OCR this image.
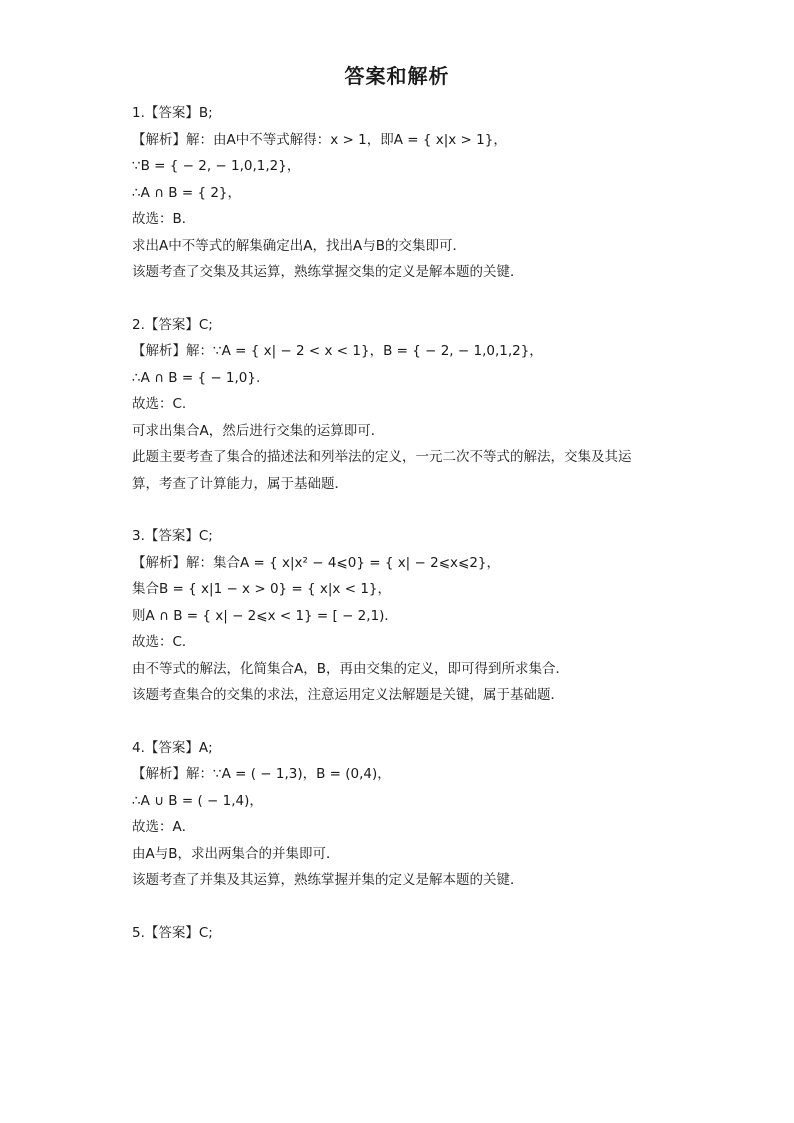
答案和解析
1.【答案】B;
【解析】解：由A中不等式解得：x > 1，即A = { x|x > 1}，
∵B = { − 2, − 1,0,1,2}，
∴A ∩ B = { 2}，
故选：B．
求出A中不等式的解集确定出A，找出A与B的交集即可．
该题考查了交集及其运算，熟练掌握交集的定义是解本题的关键．
2.【答案】C;
【解析】解：∵A = { x| − 2 < x < 1}，B = { − 2, − 1,0,1,2}，
∴A ∩ B = { − 1,0}.
故选：C.
可求出集合A，然后进行交集的运算即可．
此题主要考查了集合的描述法和列举法的定义，一元二次不等式的解法，交集及其运
算，考查了计算能力，属于基础题．
3.【答案】C;
【解析】解：集合A = { x|x² − 4⩽0} = { x| − 2⩽x⩽2}，
集合B = { x|1 − x > 0} = { x|x < 1}，
则A ∩ B = { x| − 2⩽x < 1} = [ − 2,1)．
故选：C．
由不等式的解法，化简集合A，B，再由交集的定义，即可得到所求集合．
该题考查集合的交集的求法，注意运用定义法解题是关键，属于基础题．
4.【答案】A;
【解析】解：∵A = ( − 1,3)，B = (0,4)，
∴A ∪ B = ( − 1,4)，
故选：A．
由A与B，求出两集合的并集即可．
该题考查了并集及其运算，熟练掌握并集的定义是解本题的关键．
5.【答案】C;
